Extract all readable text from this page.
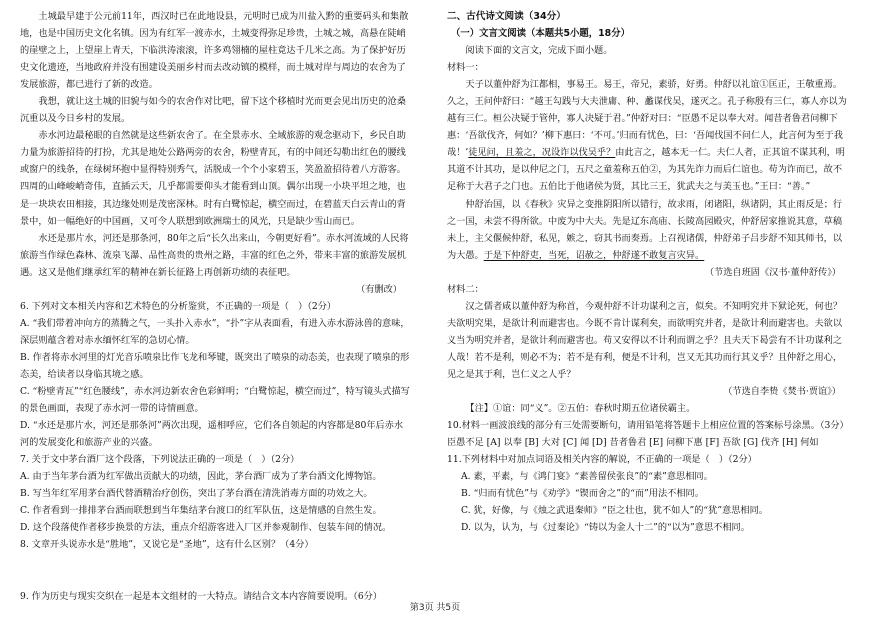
土城最早建于公元前11年，西汉时已在此地设县，元明时已成为川盐入黔的重要码头和集散地，也是中国历史文化名镇。因为有红军一渡赤水，土城变得弥足珍贵，土城之城，高悬在陡峭的崖壁之上，上望崖上青天，下临洪涛滚滚，许多鸡翎楠的屋柱竟达千几米之高。为了保护好历史文化遗迹，当地政府并没有围建设美丽乡村而去改动镇的模样，而土城对岸与周边的农舍为了发展旅游，都已进行了新的改造。

我想，就让这土城的旧貌与如今的农舍作对比吧，留下这个移植时光而更会见出历史的沧桑沉重以及今日乡村的发展。

赤水河边最秘眼的自然就是这些新农舍了。在全景赤水、全域旅游的观念驱动下，乡民自助力量为旅游招待的打扮，尤其是地处公路两旁的农舍，粉壁青瓦，有的中间还勾勒出红色的腰线或窗户的线条，在绿树环抱中显得特别秀气，活脱成一个个小家碧玉，笑盈盈招待着八方游客。四周的山峰峻峭奇伟，直插云天，几乎都需要仰头才能看到山顶。偶尔出现一小块平坦之地，也是一块块农田相接，其边缘处则是茂密深林。时有白鹭惊起，横空而过，在碧蓝天白云青山的背景中，如一幅绝好的中国画，又可令人联想到欧洲瑞士的风光，只是缺少雪山而已。

水还是那片水，河还是那条河，80年之后“长久出来山，今朝更好看”。赤水河流域的人民将旅游当作绿色森林、流泉飞瀑、品性高贵的贵州之路，丰富的红色之外，带来丰富的旅游发展机遇。这又是他们继承红军的精神在新长征路上再创新功绩的表征吧。

（有删改）

6. 下列对文本相关内容和艺术特色的分析鉴赏，不正确的一项是（　）（2分）

A. “我们带着冲向方的蒸腾之气，一头扑入赤水”，“扑”字从表面看，有进入赤水游泳兽的意味，深层则蕴含着对赤水缅怀红军的急切心情。

B. 作者将赤水河里的灯光音乐喷泉比作飞龙和琴键，既突出了喷泉的动态美，也表现了喷泉的形态美，给读者以身临其境之感。

C. “粉壁青瓦”“红色腰线”，赤水河边新农舍色彩鲜明；“白鹭惊起，横空而过”，特写镜头式描写的景色画面，表现了赤水河一带的诗情画意。

D. “水还是那片水，河还是那条河”两次出现，遥相呼应，它们各自领起的内容都是80年后赤水河的发展变化和旅游产业的兴盛。

7. 关于文中茅台酒厂这个段落，下列说法正确的一项是（　）（2分）

A. 由于当年茅台酒为红军做出贡献大的功绩，因此，茅台酒厂成为了茅台酒文化博物馆。

B. 写当年红军用茅台酒代替酒精治疗创伤，突出了茅台酒在清洗消毒方面的功效之大。

C. 作者看到一排排茅台酒而联想到当年集结茅台渡口的红军队伍，这是情感的自然生发。

D. 这个段落使作者移步换景的方法，重点介绍游客进入厂区并参观制作、包装车间的情况。

8. 文章开头说赤水是“胜地”，又说它是“圣地”，这有什么区别？（4分）

9. 作为历史与现实交织在一起是本文组材的一大特点。请结合文本内容简要说明。（6分）

二、古代诗文阅读（34分）

（一）文言文阅读（本题共5小题，18分）

阅读下面的文言文，完成下面小题。

材料一：

天子以董仲舒为江都相，事易王。易王，帝兄，素骄，好勇。仲舒以礼谊①匡正，王敬重焉。久之，王问仲舒曰：“越王勾践与大夫泄庸、种、蠡谋伐吴，遂灭之。孔子称殷有三仁，寡人亦以为越有三仁。桓公决疑于管仲，寡人决疑于君。”仲舒对曰：“臣愚不足以奉大对。闻昔者鲁君问柳下惠：‘吾欲伐齐，何如？’柳下惠曰：‘不可。’归而有忧色，曰：‘吾闻伐国不问仁人，此言何为至于我哉！’徒见问，且羞之，况设诈以伐吴乎？由此言之，越本无一仁。夫仁人者，正其谊不谋其利，明其道不计其功，是以仲尼之门，五尺之童羞称五伯②，为其先诈力而后仁谊也。苟为诈而已，故不足称于大君子之门也。五伯比于他诸侯为贤，其比三王，犹武夫之与美玉也。”王曰：“善。”

仲舒治国，以《春秋》灾异之变推阴阳所以错行，故求雨，闭诸阳，纵诸阴，其止雨反是；行之一国，未尝不得所欲。中废为中大夫。先是辽东高庙、长陵高园殿灾，仲舒居家推说其意，草稿未上，主父偃候仲舒，私见，嫉之，窃其书而奏焉。上召视诸儒，仲舒弟子吕步舒不知其师书，以为大愚。于是下仲舒吏，当死，诏赦之，仲舒遂不敢复言灾异。

（节选自班固《汉书·董仲舒传》）

材料二：

汉之儒者咸以董仲舒为称首，今观仲舒不计功谋利之言，似矣。不知明究并下狱论死，何也？夫欲明究果，是欲计利而避害也。今既不肯计谋利矣，而欲明究并者，是欲计利而避害也。夫欲以义当为明究并者，是欲计利而避害也。苟又安得以不计利而谓之乎？且夫天下曷尝有不计功谋利之人哉！若不是利，则必不为；若不是有利，便是不计利，岂又无其功而行其义乎？且仲舒之用心，见之是其于利，岂仁义之人乎？

（节选自李贽《焚书·贾谊》）

【注】①谊：同“义”。②五伯：春秋时期五位诸侯霸主。

10.材料一画波浪线的部分有三处需要断句，请用铅笔将答题卡上相应位置的答案标号涂黑。（3分）

臣愚不足 [A] 以奉 [B] 大对 [C] 闻 [D] 昔者鲁君 [E] 问柳下惠 [F] 吾欲 [G] 伐齐 [H] 何如

11.下列材料中对加点词语及相关内容的解说，不正确的一项是（　）（2分）

A. 素，平素，与《鸿门宴》“素善留侯张良”的“素”意思相同。

B. “归而有忧色”与《劝学》“锲而舍之”的“而”用法不相同。

C. 犹，好像，与《烛之武退秦师》“臣之壮也，犹不如人”的“犹”意思相同。

D. 以为，认为，与《过秦论》“铸以为金人十二”的“以为”意思不相同。

第3页 共5页
